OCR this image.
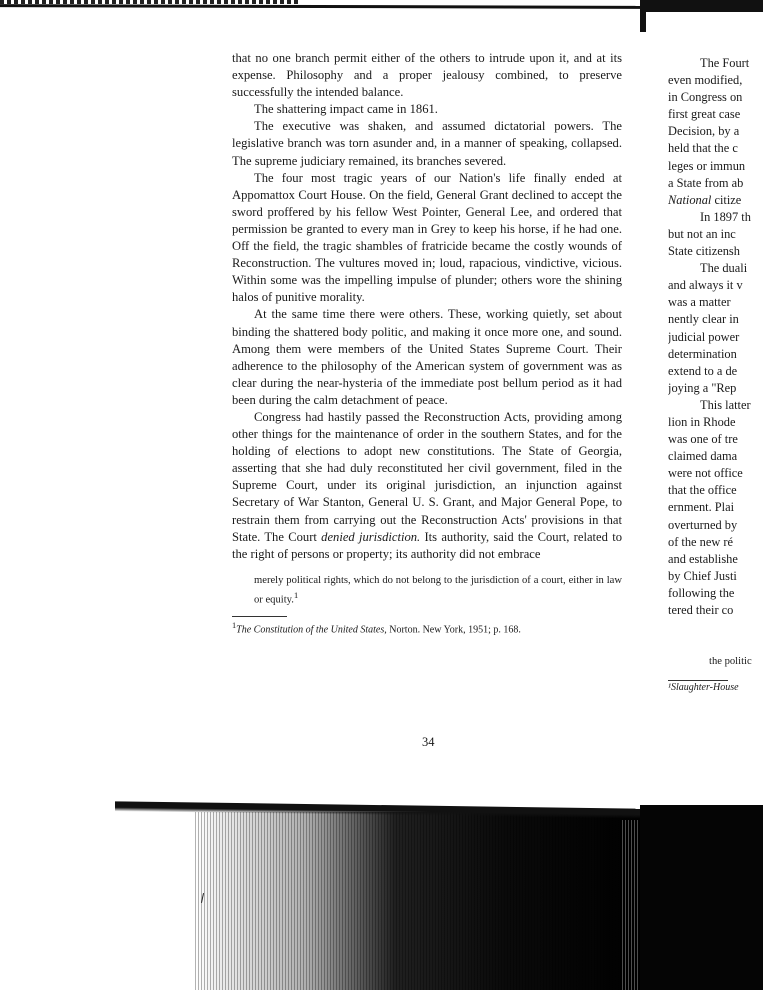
that no one branch permit either of the others to intrude upon it, and at its expense. Philosophy and a proper jealousy combined, to preserve successfully the intended balance.

The shattering impact came in 1861.

The executive was shaken, and assumed dictatorial powers. The legislative branch was torn asunder and, in a manner of speaking, collapsed. The supreme judiciary remained, its branches severed.

The four most tragic years of our Nation's life finally ended at Appomattox Court House. On the field, General Grant declined to accept the sword proffered by his fellow West Pointer, General Lee, and ordered that permission be granted to every man in Grey to keep his horse, if he had one. Off the field, the tragic shambles of fratricide became the costly wounds of Reconstruction. The vultures moved in; loud, rapacious, vindictive, vicious. Within some was the impelling impulse of plunder; others wore the shining halos of punitive morality.

At the same time there were others. These, working quietly, set about binding the shattered body politic, and making it once more one, and sound. Among them were members of the United States Supreme Court. Their adherence to the philosophy of the American system of government was as clear during the near-hysteria of the immediate post bellum period as it had been during the calm detachment of peace.

Congress had hastily passed the Reconstruction Acts, providing among other things for the maintenance of order in the southern States, and for the holding of elections to adopt new constitutions. The State of Georgia, asserting that she had duly reconstituted her civil government, filed in the Supreme Court, under its original jurisdiction, an injunction against Secretary of War Stanton, General U. S. Grant, and Major General Pope, to restrain them from carrying out the Reconstruction Acts' provisions in that State. The Court denied jurisdiction. Its authority, said the Court, related to the right of persons or property; its authority did not embrace

merely political rights, which do not belong to the jurisdiction of a court, either in law or equity.$^1$
$^1$The Constitution of the United States, Norton. New York, 1951; p. 168.
34
The Fourt
even modified,
in Congress on
first great case
Decision, by a
held that the c
leges or immun
a State from ab
National citize
In 1897 th
but not an inc
State citizensh
The duali
and always it v
was a matter
nently clear in
judicial power
determination
extend to a de
joying a "Rep
This latter
lion in Rhode
was one of tre
claimed dama
were not office
that the office
ernment. Plai
overturned by
of the new ré
and establishe
by Chief Justi
following the
tered their co
the politic
¹Slaughter-House
